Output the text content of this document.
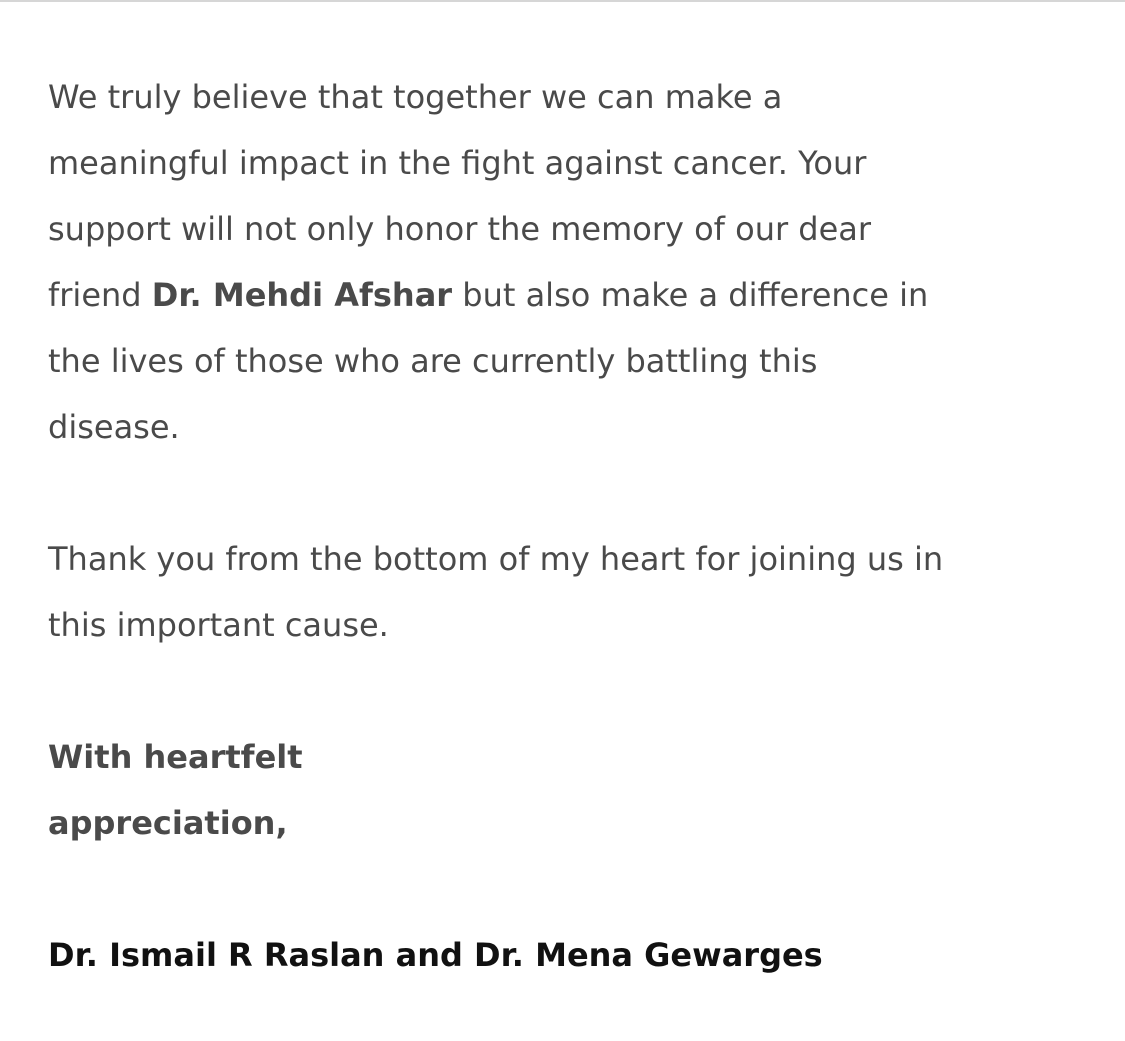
We truly believe that together we can make a
meaningful impact in the fight against cancer. Your
support will not only honor the memory of our dear
friend Dr. Mehdi Afshar but also make a difference in
the lives of those who are currently battling this
disease.

Thank you from the bottom of my heart for joining us in
this important cause.

With heartfelt
appreciation,

Dr. Ismail R Raslan and Dr. Mena Gewarges
